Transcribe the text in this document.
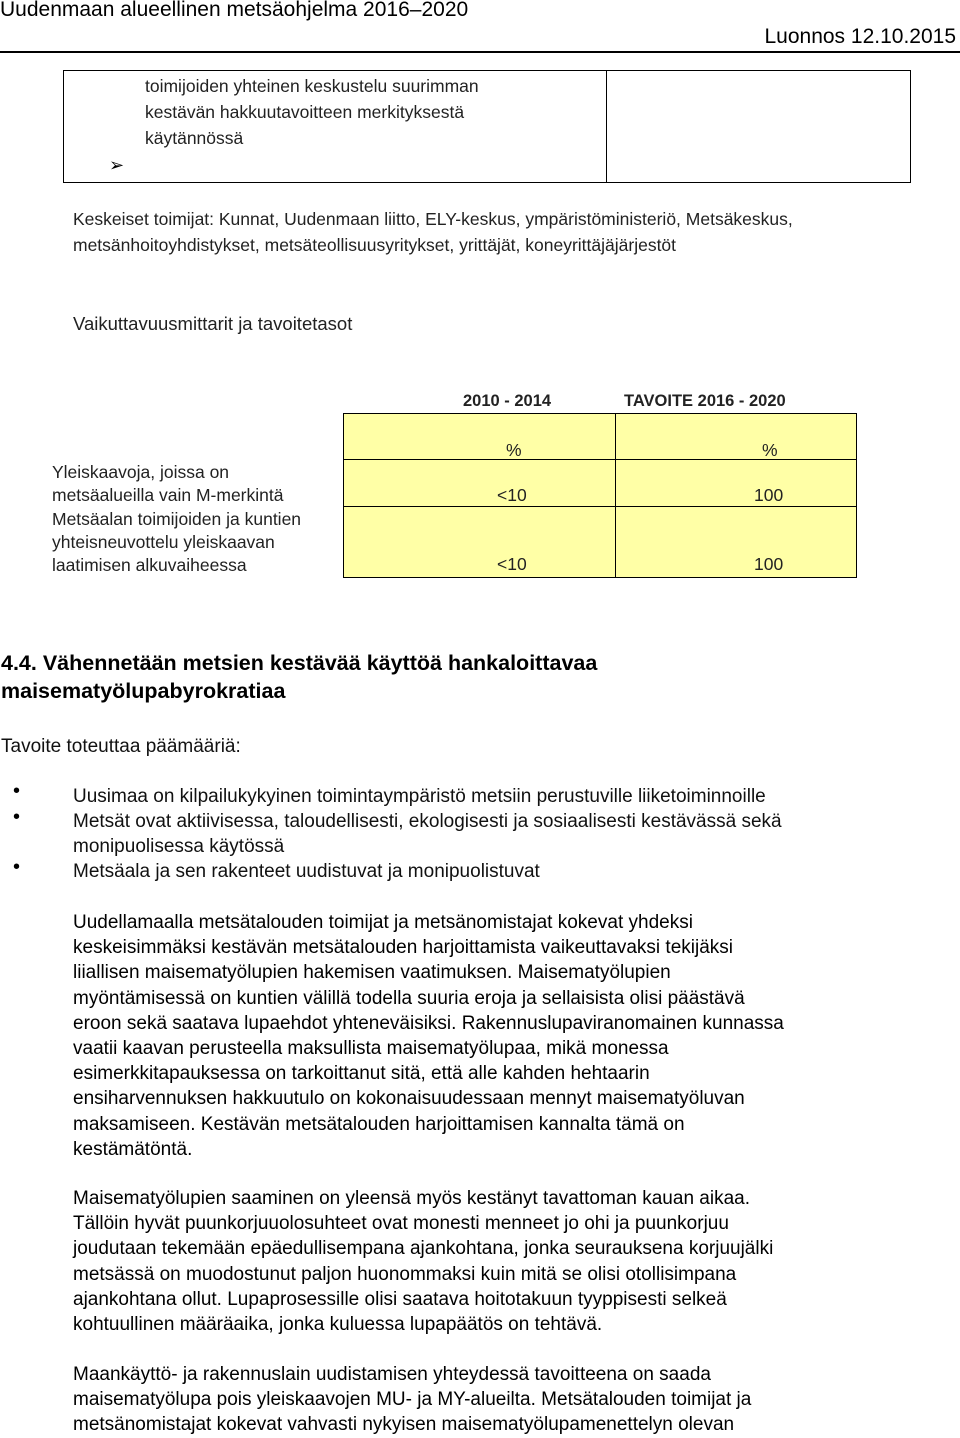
Uudenmaan alueellinen metsäohjelma 2016–2020
Luonnos 12.10.2015
toimijoiden yhteinen keskustelu suurimman
kestävän hakkuutavoitteen merkityksestä
käytännössä
➢
Keskeiset toimijat: Kunnat, Uudenmaan liitto, ELY-keskus, ympäristöministeriö, Metsäkeskus,
metsänhoitoyhdistykset, metsäteollisuusyritykset, yrittäjät, koneyrittäjäjärjestöt
Vaikuttavuusmittarit ja tavoitetasot
2010 - 2014	TAVOITE 2016 - 2020
%	%
Yleiskaavoja, joissa on
metsäalueilla vain M-merkintä	<10	100
Metsäalan toimijoiden ja kuntien
yhteisneuvottelu yleiskaavan
laatimisen alkuvaiheessa	<10	100
4.4. Vähennetään metsien kestävää käyttöä hankaloittavaa
maisematyölupabyrokratiaa
Tavoite toteuttaa päämääriä:
•	Uusimaa on kilpailukykyinen toimintaympäristö metsiin perustuville liiketoiminnoille
•	Metsät ovat aktiivisessa, taloudellisesti, ekologisesti ja sosiaalisesti kestävässä sekä
monipuolisessa käytössä
•	Metsäala ja sen rakenteet uudistuvat ja monipuolistuvat
Uudellamaalla metsätalouden toimijat ja metsänomistajat kokevat yhdeksi
keskeisimmäksi kestävän metsätalouden harjoittamista vaikeuttavaksi tekijäksi
liiallisen maisematyölupien hakemisen vaatimuksen. Maisematyölupien
myöntämisessä on kuntien välillä todella suuria eroja ja sellaisista olisi päästävä
eroon sekä saatava lupaehdot yhteneväisiksi. Rakennuslupaviranomainen kunnassa
vaatii kaavan perusteella maksullista maisematyölupaa, mikä monessa
esimerkkitapauksessa on tarkoittanut sitä, että alle kahden hehtaarin
ensiharvennuksen hakkuutulo on kokonaisuudessaan mennyt maisematyöluvan
maksamiseen. Kestävän metsätalouden harjoittamisen kannalta tämä on
kestämätöntä.
Maisematyölupien saaminen on yleensä myös kestänyt tavattoman kauan aikaa.
Tällöin hyvät puunkorjuuolosuhteet ovat monesti menneet jo ohi ja puunkorjuu
joudutaan tekemään epäedullisempana ajankohtana, jonka seurauksena korjuujälki
metsässä on muodostunut paljon huonommaksi kuin mitä se olisi otollisimpana
ajankohtana ollut. Lupaprosessille olisi saatava hoitotakuun tyyppisesti selkeä
kohtuullinen määräaika, jonka kuluessa lupapäätös on tehtävä.
Maankäyttö- ja rakennuslain uudistamisen yhteydessä tavoitteena on saada
maisematyölupa pois yleiskaavojen MU- ja MY-alueilta. Metsätalouden toimijat ja
metsänomistajat kokevat vahvasti nykyisen maisematyölupamenettelyn olevan
